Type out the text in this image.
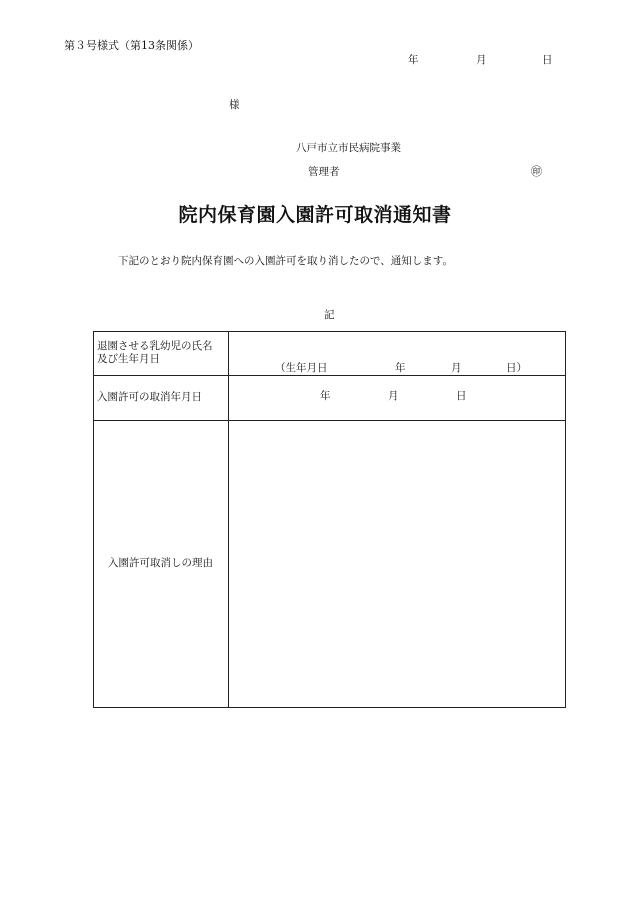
第３号様式（第13条関係）
年	月	日
様
八戸市立市民病院事業
管理者	㊞
院内保育園入園許可取消通知書
下記のとおり院内保育園への入園許可を取り消したので、通知します。
記
退園させる乳幼児の氏名
及び生年月日	（生年月日 年 月 日）

入園許可の取消年月日	年 月 日

入園許可取消しの理由	
